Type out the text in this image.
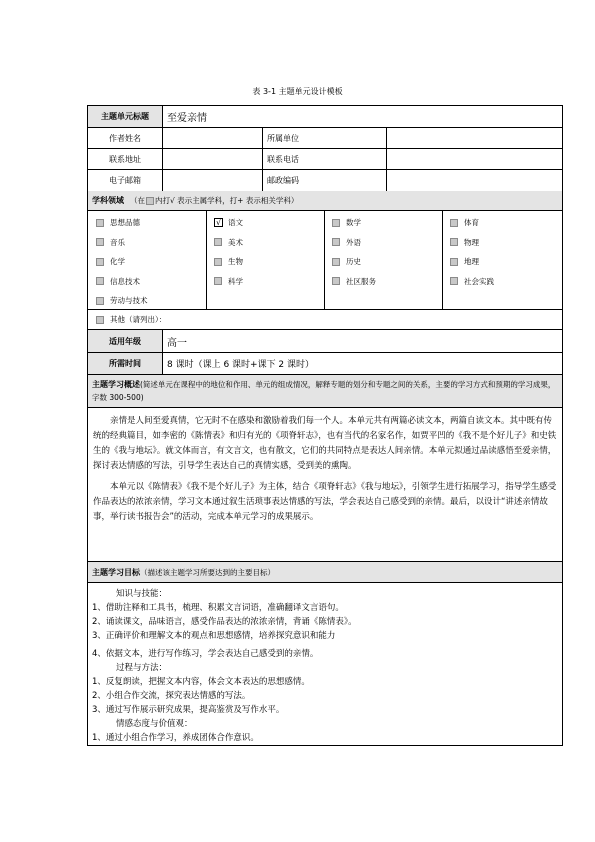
表 3-1 主题单元设计模板
主题单元标题	至爱亲情
作者姓名	所属单位
联系地址	联系电话
电子邮箱	邮政编码
学科领域 （在 内打√ 表示主属学科，打+ 表示相关学科）
其他（请列出）：
思想品德	√ 语文	数学	体育
音乐	美术	外语	物理
化学	生物	历史	地理
信息技术	科学	社区服务	社会实践
劳动与技术
适用年级	高一
所需时间	8 课时（课上 6 课时+课下 2 课时）
主题学习概述(简述单元在课程中的地位和作用、单元的组成情况，解释专题的划分和专题之间的关系，主要的学习方式和预期的学习成果，字数 300-500)

亲情是人间至爱真情，它无时不在感染和激励着我们每一个人。本单元共有两篇必读文本，两篇自读文本。其中既有传统的经典篇目，如李密的《陈情表》和归有光的《项脊轩志》，也有当代的名家名作，如贾平凹的《我不是个好儿子》和史铁生的《我与地坛》。就文体而言，有文言文，也有散文，它们的共同特点是表达人间亲情。本单元拟通过品读感悟至爱亲情，探讨表达情感的写法，引导学生表达自己的真情实感，受到美的熏陶。

本单元以《陈情表》《我不是个好儿子》为主体，结合《项脊轩志》《我与地坛》，引领学生进行拓展学习，指导学生感受作品表达的浓浓亲情，学习文本通过叙生活琐事表达情感的写法，学会表达自己感受到的亲情。最后，以设计“讲述亲情故事，举行读书报告会”的活动，完成本单元学习的成果展示。

主题学习目标 （描述该主题学习所要达到的主要目标）
知识与技能：
1、借助注释和工具书，梳理、积累文言词语，准确翻译文言语句。
2、诵读课文，品味语言，感受作品表达的浓浓亲情，背诵《陈情表》。
3、正确评价和理解文本的观点和思想感情，培养探究意识和能力
4、依据文本，进行写作练习，学会表达自己感受到的亲情。
过程与方法：
1、反复朗读，把握文本内容，体会文本表达的思想感情。
2、小组合作交流，探究表达情感的写法。
3、通过写作展示研究成果，提高鉴赏及写作水平。
情感态度与价值观：
1、通过小组合作学习，养成团体合作意识。
